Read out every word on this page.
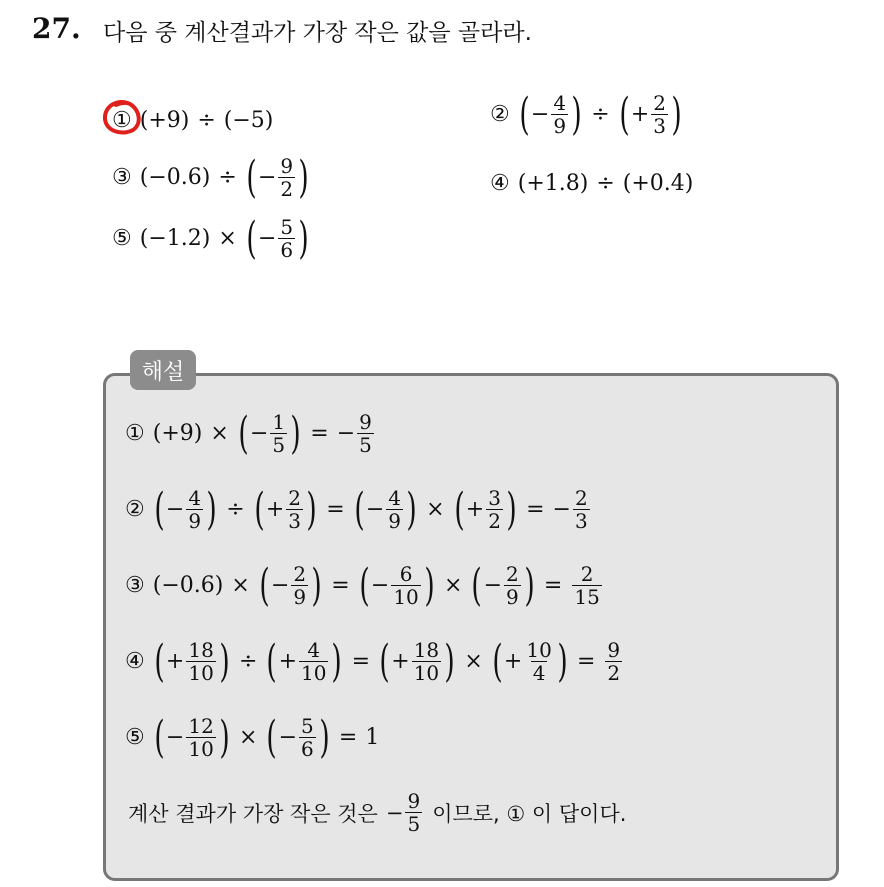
27. 다음 중 계산결과가 가장 작은 값을 골라라.
① (+9) ÷ (−5)	② ( − $\frac{4}{9}$ ) ÷ ( + $\frac{2}{3}$ )
③ (−0.6) ÷ ( − $\frac{9}{2}$ )	④ (+1.8) ÷ (+0.4)
⑤ (−1.2) × ( − $\frac{5}{6}$ )
해설
① (+9) × ( − $\frac{1}{5}$ ) = − $\frac{9}{5}$
② ( − $\frac{4}{9}$ ) ÷ ( + $\frac{2}{3}$ ) = ( − $\frac{4}{9}$ ) × ( + $\frac{3}{2}$ ) = − $\frac{2}{3}$
③ (−0.6) × ( − $\frac{2}{9}$ ) = ( − $\frac{6}{10}$ ) × ( − $\frac{2}{9}$ ) = $\frac{2}{15}$
④ ( + $\frac{18}{10}$ ) ÷ ( + $\frac{4}{10}$ ) = ( + $\frac{18}{10}$ ) × ( + $\frac{10}{4}$ ) = $\frac{9}{2}$
⑤ ( − $\frac{12}{10}$ ) × ( − $\frac{5}{6}$ ) = 1
계산 결과가 가장 작은 것은 − $\frac{9}{5}$ 이므로, ① 이 답이다.
